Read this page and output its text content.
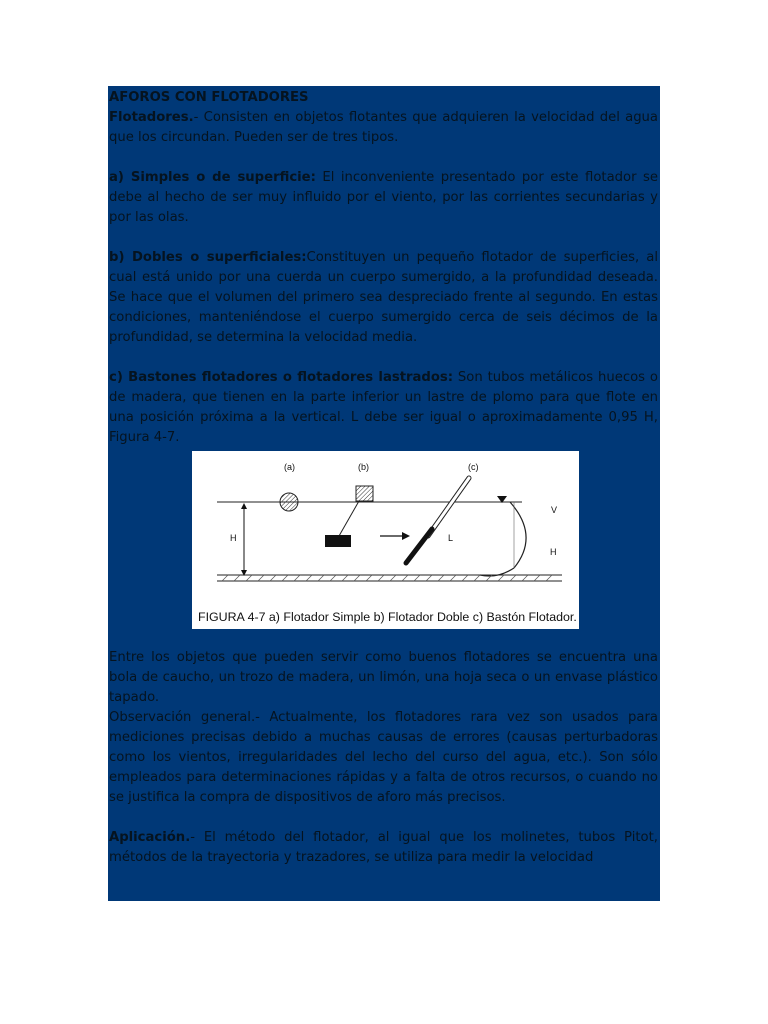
AFOROS CON FLOTADORES

Flotadores.- Consisten en objetos flotantes que adquieren la velocidad del agua que los circundan. Pueden ser de tres tipos.

a) Simples o de superficie: El inconveniente presentado por este flotador se debe al hecho de ser muy influido por el viento, por las corrientes secundarias y por las olas.

b) Dobles o superficiales:Constituyen un pequeño flotador de superficies, al cual está unido por una cuerda un cuerpo sumergido, a la profundidad deseada. Se hace que el volumen del primero sea despreciado frente al segundo. En estas condiciones, manteniéndose el cuerpo sumergido cerca de seis décimos de la profundidad, se determina la velocidad media.

c) Bastones flotadores o flotadores lastrados: Son tubos metálicos huecos o de madera, que tienen en la parte inferior un lastre de plomo para que flote en una posición próxima a la vertical. L debe ser igual o aproximadamente 0,95 H, Figura 4-7.

(a)	(b)	(c)
H	L
V
H
FIGURA 4-7 a) Flotador Simple b) Flotador Doble c) Bastón Flotador.

Entre los objetos que pueden servir como buenos flotadores se encuentra una bola de caucho, un trozo de madera, un limón, una hoja seca o un envase plástico tapado.

Observación general.- Actualmente, los flotadores rara vez son usados para mediciones precisas debido a muchas causas de errores (causas perturbadoras como los vientos, irregularidades del lecho del curso del agua, etc.). Son sólo empleados para determinaciones rápidas y a falta de otros recursos, o cuando no se justifica la compra de dispositivos de aforo más precisos.

Aplicación.- El método del flotador, al igual que los molinetes, tubos Pitot, métodos de la trayectoria y trazadores, se utiliza para medir la velocidad
